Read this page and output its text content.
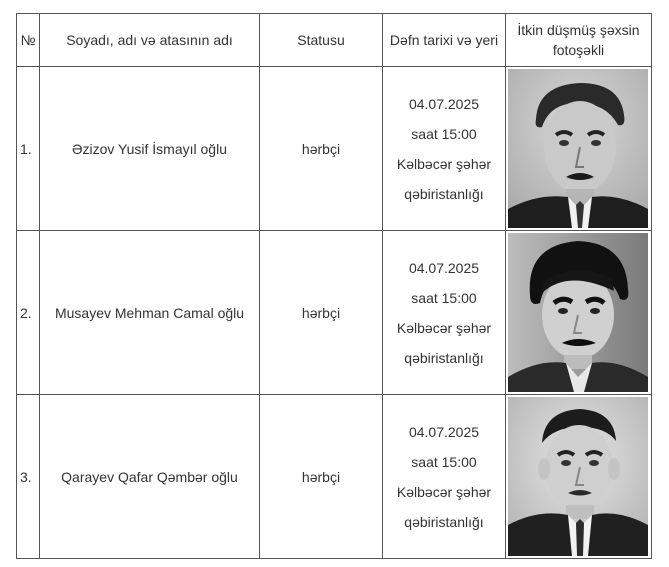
№	Soyadı, adı və atasının adı	Statusu	Dəfn tarixi və yeri	İtkin düşmüş şəxsin fotoşəkli
1.	Əzizov Yusif İsmayıl oğlu	hərbçi	04.07.2025
saat 15:00
Kəlbəcər şəhər
qəbiristanlığı

2.	Musayev Mehman Camal oğlu	hərbçi	04.07.2025
saat 15:00
Kəlbəcər şəhər
qəbiristanlığı

3.	Qarayev Qafar Qəmbər oğlu	hərbçi	04.07.2025
saat 15:00
Kəlbəcər şəhər
qəbiristanlığı
